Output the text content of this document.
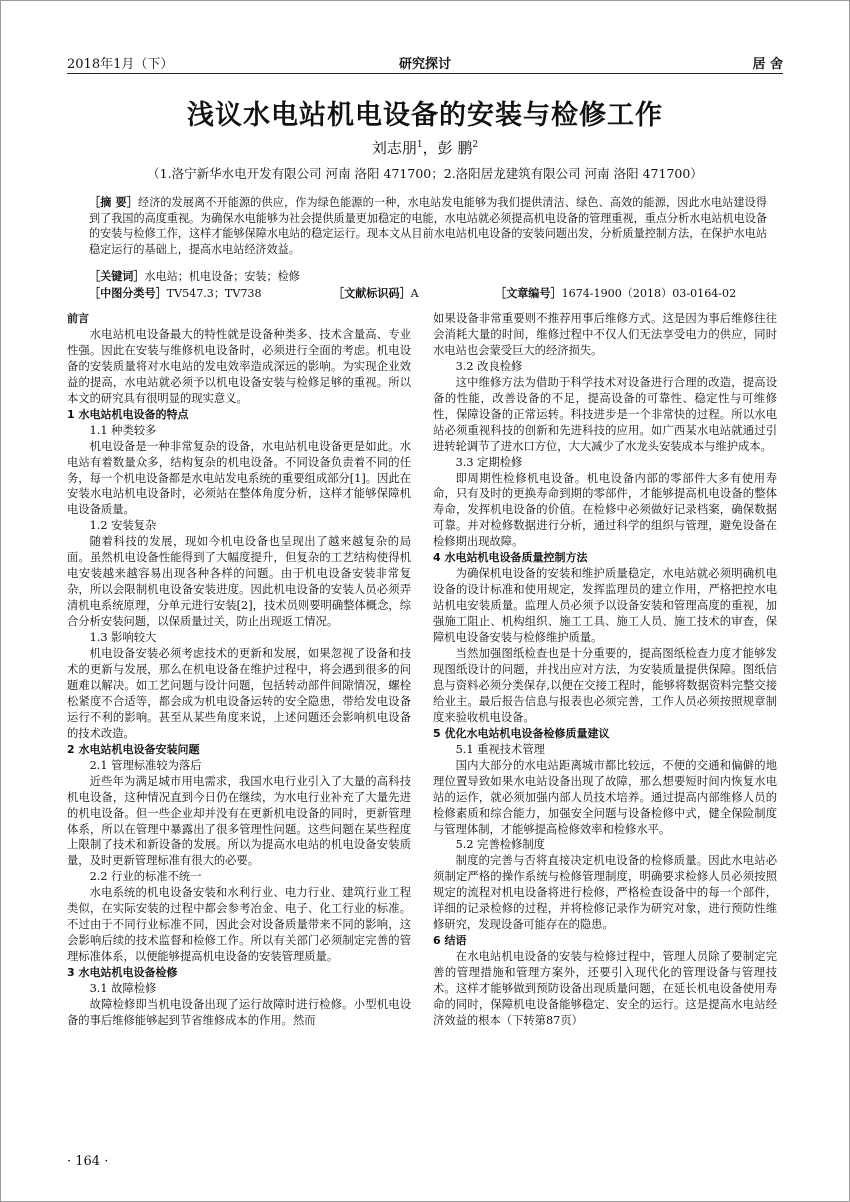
2018年1月（下）	研究探讨	居 舍
浅议水电站机电设备的安装与检修工作
刘志朋$^1$，彭 鹏$^2$
（1.洛宁新华水电开发有限公司 河南 洛阳 471700；2.洛阳居龙建筑有限公司 河南 洛阳 471700）
［摘 要］经济的发展离不开能源的供应，作为绿色能源的一种，水电站发电能够为我们提供清洁、绿色、高效的能源，因此水电站建设得到了我国的高度重视。为确保水电能够为社会提供质量更加稳定的电能，水电站就必须提高机电设备的管理重视，重点分析水电站机电设备的安装与检修工作，这样才能够保障水电站的稳定运行。现本文从目前水电站机电设备的安装问题出发，分析质量控制方法，在保护水电站稳定运行的基础上，提高水电站经济效益。
［关键词］水电站；机电设备；安装；检修
［中图分类号］TV547.3；TV738	［文献标识码］A	［文章编号］1674-1900（2018）03-0164-02

前言

水电站机电设备最大的特性就是设备种类多、技术含量高、专业性强。因此在安装与维修机电设备时，必须进行全面的考虑。机电设备的安装质量将对水电站的发电效率造成深远的影响。为实现企业效益的提高，水电站就必须予以机电设备安装与检修足够的重视。所以本文的研究具有很明显的现实意义。

1 水电站机电设备的特点

1.1 种类较多

机电设备是一种非常复杂的设备，水电站机电设备更是如此。水电站有着数量众多，结构复杂的机电设备。不同设备负责着不同的任务，每一个机电设备都是水电站发电系统的重要组成部分[1]。因此在安装水电站机电设备时，必须站在整体角度分析，这样才能够保障机电设备质量。

1.2 安装复杂

随着科技的发展，现如今机电设备也呈现出了越来越复杂的局面。虽然机电设备性能得到了大幅度提升，但复杂的工艺结构使得机电安装越来越容易出现各种各样的问题。由于机电设备安装非常复杂，所以会限制机电设备安装进度。因此机电设备的安装人员必须弄清机电系统原理，分单元进行安装[2]，技术员则要明确整体概念，综合分析安装问题，以保质量过关，防止出现返工情况。

1.3 影响较大

机电设备安装必须考虑技术的更新和发展，如果忽视了设备和技术的更新与发展，那么在机电设备在维护过程中，将会遇到很多的问题难以解决。如工艺问题与设计问题，包括转动部件间隙情况，螺栓松紧度不合适等，都会成为机电设备运转的安全隐患，带给发电设备运行不利的影响。甚至从某些角度来说，上述问题还会影响机电设备的技术改造。

2 水电站机电设备安装问题

2.1 管理标准较为落后

近些年为满足城市用电需求，我国水电行业引入了大量的高科技机电设备，这种情况直到今日仍在继续，为水电行业补充了大量先进的机电设备。但一些企业却并没有在更新机电设备的同时，更新管理体系，所以在管理中暴露出了很多管理性问题。这些问题在某些程度上限制了技术和新设备的发展。所以为提高水电站的机电设备安装质量，及时更新管理标准有很大的必要。

2.2 行业的标准不统一

水电系统的机电设备安装和水利行业、电力行业、建筑行业工程类似，在实际安装的过程中都会参考冶金、电子、化工行业的标准。不过由于不同行业标准不同，因此会对设备质量带来不同的影响，这会影响后续的技术监督和检修工作。所以有关部门必须制定完善的管理标准体系，以便能够提高机电设备的安装管理质量。

3 水电站机电设备检修

3.1 故障检修

故障检修即当机电设备出现了运行故障时进行检修。小型机电设备的事后维修能够起到节省维修成本的作用。然而

如果设备非常重要则不推荐用事后维修方式。这是因为事后维修往往会消耗大量的时间，维修过程中不仅人们无法享受电力的供应，同时水电站也会蒙受巨大的经济损失。

3.2 改良检修

这中维修方法为借助于科学技术对设备进行合理的改造，提高设备的性能，改善设备的不足，提高设备的可靠性、稳定性与可维修性，保障设备的正常运转。科技进步是一个非常快的过程。所以水电站必须重视科技的创新和先进科技的应用。如广西某水电站就通过引进转轮调节了进水口方位，大大减少了水龙头安装成本与维护成本。

3.3 定期检修

即周期性检修机电设备。机电设备内部的零部件大多有使用寿命，只有及时的更换寿命到期的零部件，才能够提高机电设备的整体寿命，发挥机电设备的价值。在检修中必须做好记录档案，确保数据可靠。并对检修数据进行分析，通过科学的组织与管理，避免设备在检修期出现故障。

4 水电站机电设备质量控制方法

为确保机电设备的安装和维护质量稳定，水电站就必须明确机电设备的设计标准和使用规定，发挥监理员的建立作用，严格把控水电站机电安装质量。监理人员必须予以设备安装和管理高度的重视，加强施工阻止、机构组织、施工工具、施工人员、施工技术的审查，保障机电设备安装与检修维护质量。

当然加强图纸检查也是十分重要的，提高图纸检查力度才能够发现图纸设计的问题，并找出应对方法，为安装质量提供保障。图纸信息与资料必须分类保存,以便在交接工程时，能够将数据资料完整交接给业主。最后报告信息与报表也必须完善，工作人员必须按照规章制度来验收机电设备。

5 优化水电站机电设备检修质量建议

5.1 重视技术管理

国内大部分的水电站距离城市都比较远，不便的交通和偏僻的地理位置导致如果水电站设备出现了故障，那么想要短时间内恢复水电站的运作，就必须加强内部人员技术培养。通过提高内部维修人员的检修素质和综合能力，加强安全问题与设备检修中式，健全保险制度与管理体制，才能够提高检修效率和检修水平。

5.2 完善检修制度

制度的完善与否将直接决定机电设备的检修质量。因此水电站必须制定严格的操作系统与检修管理制度，明确要求检修人员必须按照规定的流程对机电设备将进行检修，严格检查设备中的每一个部件，详细的记录检修的过程，并将检修记录作为研究对象，进行预防性维修研究，发现设备可能存在的隐患。

6 结语

在水电站机电设备的安装与检修过程中，管理人员除了要制定完善的管理措施和管理方案外，还要引入现代化的管理设备与管理技术。这样才能够做到预防设备出现质量问题，在延长机电设备使用寿命的同时，保障机电设备能够稳定、安全的运行。这是提高水电站经济效益的根本（下转第87页）

· 164 ·
